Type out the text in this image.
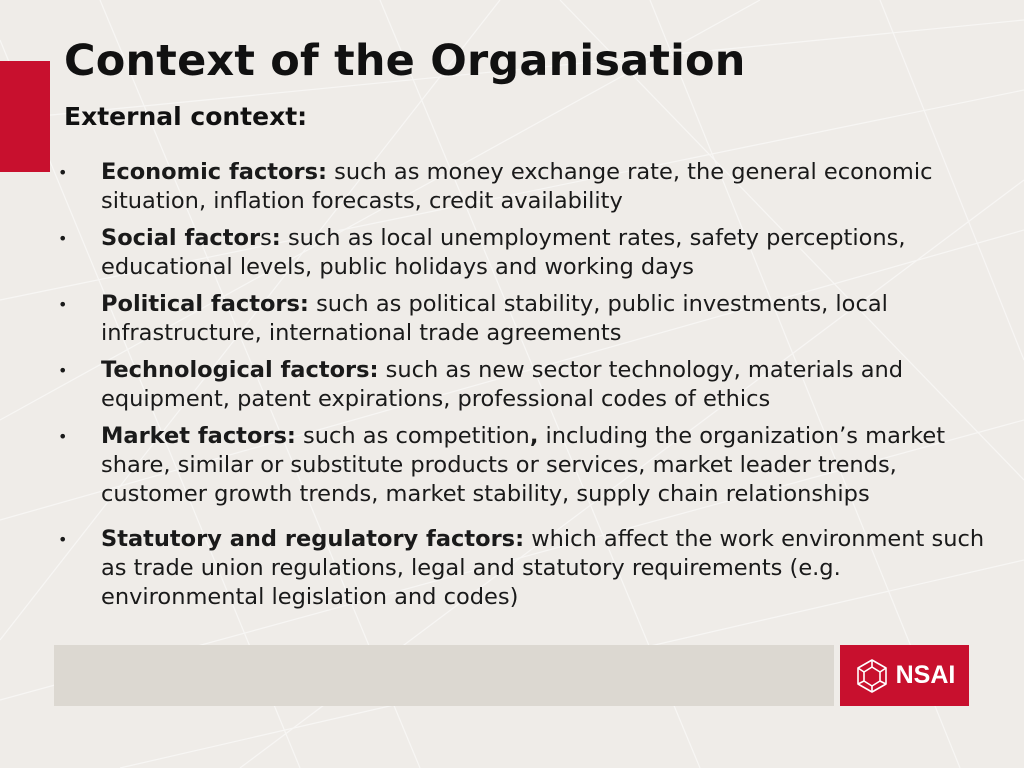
Context of the Organisation
External context:
• Economic factors: such as money exchange rate, the general economic situation, inflation forecasts, credit availability
• Social factors: such as local unemployment rates, safety perceptions, educational levels, public holidays and working days
• Political factors: such as political stability, public investments, local infrastructure, international trade agreements
• Technological factors: such as new sector technology, materials and equipment, patent expirations, professional codes of ethics
• Market factors: such as competition, including the organization’s market share, similar or substitute products or services, market leader trends, customer growth trends, market stability, supply chain relationships
• Statutory and regulatory factors: which affect the work environment such as trade union regulations, legal and statutory requirements (e.g. environmental legislation and codes)
NSAI
